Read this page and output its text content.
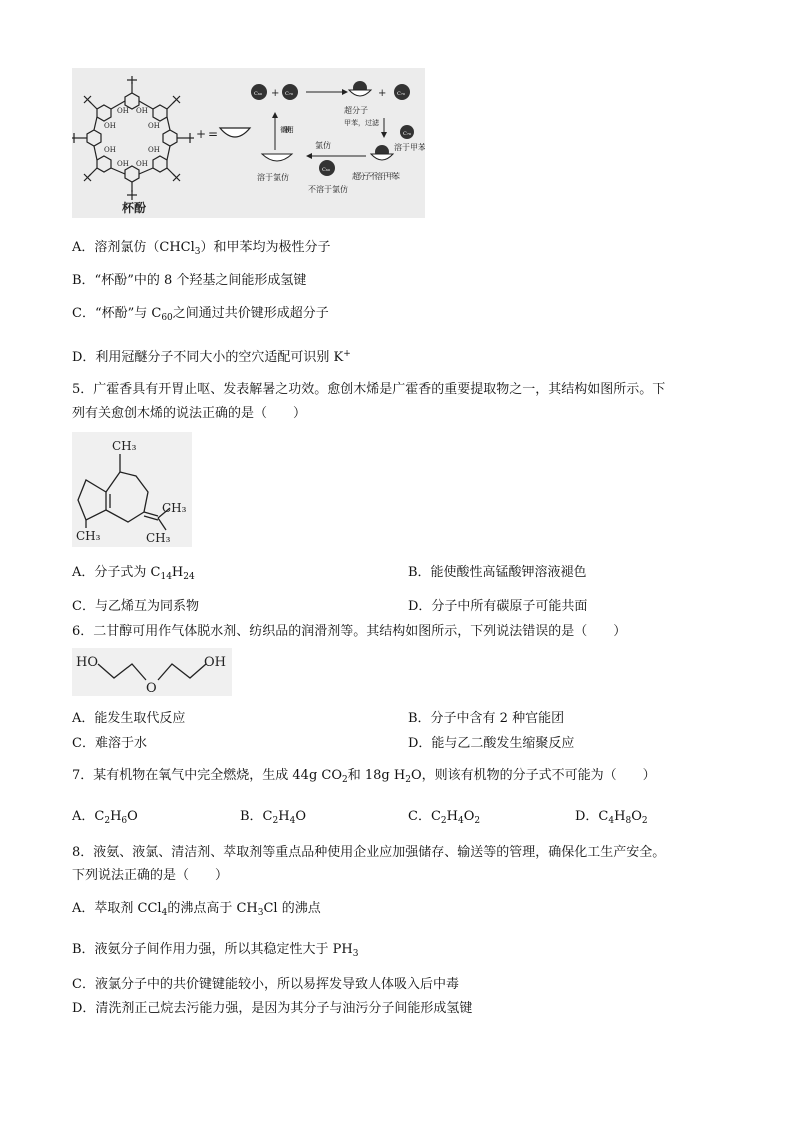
OH
OH
OH
OH
OH
OH
OH
OH
杯酚
+ =
C₆₀ + C₇₀
超分子
+ C₇₀
甲苯，过滤
C₇₀
溶于甲苯
超分子不溶于甲苯
氯仿
循环使用
溶于氯仿
C₆₀
不溶于氯仿
A．溶剂氯仿（CHCl$_3$）和甲苯均为极性分子
B．“杯酚”中的 8 个羟基之间能形成氢键
C．“杯酚”与 $C_{60}$之间通过共价键形成超分子
D．利用冠醚分子不同大小的空穴适配可识别 K+
5．广霍香具有开胃止呕、发表解暑之功效。愈创木烯是广霍香的重要提取物之一，其结构如图所示。下
列有关愈创木烯的说法正确的是（　　）
CH₃
CH₃
CH₃
CH₃
A．分子式为 $C_{14}H_{24}$	B．能使酸性高锰酸钾溶液褪色
C．与乙烯互为同系物	D．分子中所有碳原子可能共面
6．二甘醇可用作气体脱水剂、纺织品的润滑剂等。其结构如图所示，下列说法错误的是（　　）
HO
O
OH
A．能发生取代反应	B．分子中含有 2 种官能团
C．难溶于水	D．能与乙二酸发生缩聚反应
7．某有机物在氧气中完全燃烧，生成 44g $CO_2$和 18g $H_2O$，则该有机物的分子式不可能为（　　）
A．$C_2H_6O$	B．$C_2H_4O$	C．$C_2H_4O_2$	D．$C_4H_8O_2$
8．液氨、液氯、清洁剂、萃取剂等重点品种使用企业应加强储存、输送等的管理，确保化工生产安全。
下列说法正确的是（　　）
A．萃取剂 CCl$_4$的沸点高于 $CH_3Cl$ 的沸点
B．液氨分子间作用力强，所以其稳定性大于 $PH_3$
C．液氯分子中的共价键键能较小，所以易挥发导致人体吸入后中毒
D．清洗剂正己烷去污能力强，是因为其分子与油污分子间能形成氢键
